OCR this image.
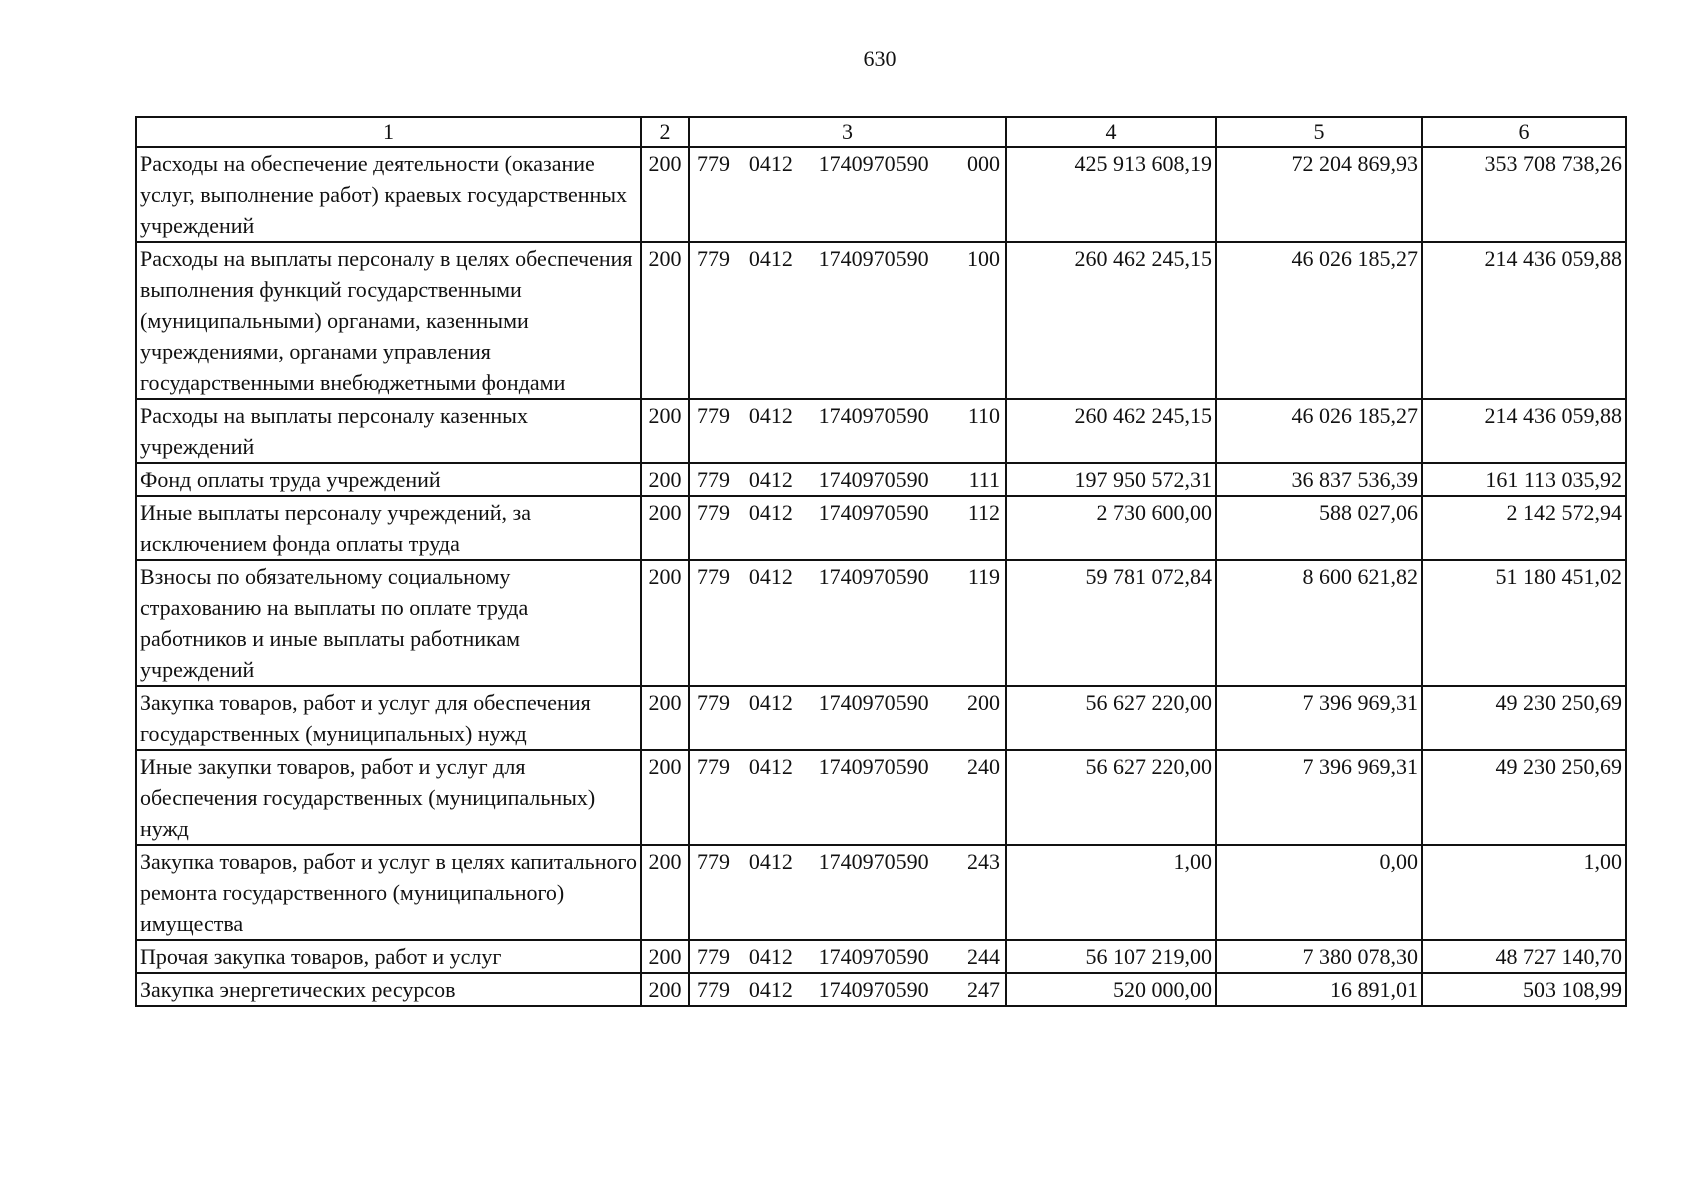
630
1	2	3	4	5	6
Расходы на обеспечение деятельности (оказание услуг, выполнение работ) краевых государственных учреждений	200	779 0412 1740970590 000	425 913 608,19	72 204 869,93	353 708 738,26
Расходы на выплаты персоналу в целях обеспечения выполнения функций государственными (муниципальными) органами, казенными учреждениями, органами управления государственными внебюджетными фондами	200	779 0412 1740970590 100	260 462 245,15	46 026 185,27	214 436 059,88
Расходы на выплаты персоналу казенных учреждений	200	779 0412 1740970590 110	260 462 245,15	46 026 185,27	214 436 059,88
Фонд оплаты труда учреждений	200	779 0412 1740970590 111	197 950 572,31	36 837 536,39	161 113 035,92
Иные выплаты персоналу учреждений, за исключением фонда оплаты труда	200	779 0412 1740970590 112	2 730 600,00	588 027,06	2 142 572,94
Взносы по обязательному социальному страхованию на выплаты по оплате труда работников и иные выплаты работникам учреждений	200	779 0412 1740970590 119	59 781 072,84	8 600 621,82	51 180 451,02
Закупка товаров, работ и услуг для обеспечения государственных (муниципальных) нужд	200	779 0412 1740970590 200	56 627 220,00	7 396 969,31	49 230 250,69
Иные закупки товаров, работ и услуг для обеспечения государственных (муниципальных) нужд	200	779 0412 1740970590 240	56 627 220,00	7 396 969,31	49 230 250,69
Закупка товаров, работ и услуг в целях капитального ремонта государственного (муниципального) имущества	200	779 0412 1740970590 243	1,00	0,00	1,00
Прочая закупка товаров, работ и услуг	200	779 0412 1740970590 244	56 107 219,00	7 380 078,30	48 727 140,70
Закупка энергетических ресурсов	200	779 0412 1740970590 247	520 000,00	16 891,01	503 108,99
